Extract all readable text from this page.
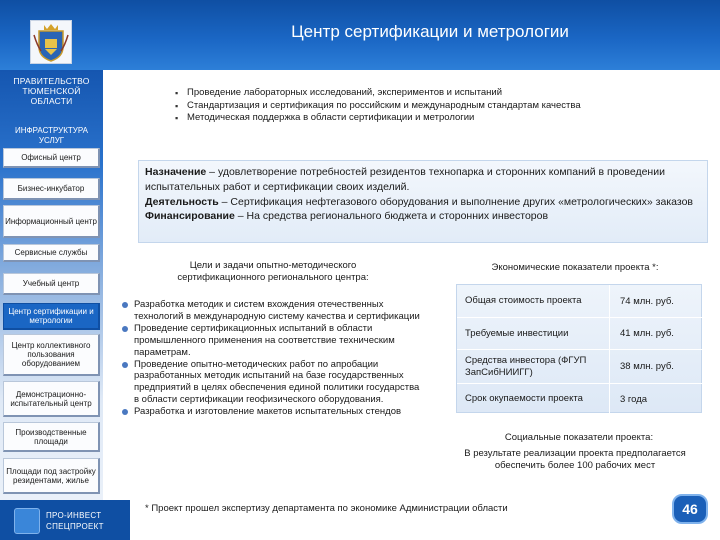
Центр сертификации и метрологии
ПРАВИТЕЛЬСТВО ТЮМЕНСКОЙ ОБЛАСТИ
ИНФРАСТРУКТУРА УСЛУГ
Офисный центр
Бизнес-инкубатор
Информационный центр
Сервисные службы
Учебный центр
Центр сертификации и метрологии
Центр коллективного пользования оборудованием
Демонстрационно-испытательный центр
Производственные площади
Площади под застройку резидентами, жилье
ПРО-ИНВЕСТ
СПЕЦПРОЕКТ
▪ Проведение лабораторных исследований, экспериментов и испытаний
▪ Стандартизация и сертификация по российским и международным стандартам качества
▪ Методическая поддержка в области сертификации и метрологии

Назначение – удовлетворение потребностей резидентов технопарка и сторонних компаний в проведении испытательных работ и сертификации своих изделий.

Деятельность – Сертификация нефтегазового оборудования и выполнение других «метрологических» заказов

Финансирование – На средства регионального бюджета и сторонних инвесторов

Цели и задачи опытно-методического сертификационного регионального центра:
Разработка методик и систем вхождения отечественных технологий в международную систему качества и сертификации
Проведение сертификационных испытаний в области промышленного применения на соответствие техническим параметрам.
Проведение опытно-методических работ по апробации разработанных методик испытаний на базе государственных предприятий в целях обеспечения единой политики государства в области сертификации геофизического оборудования.
Разработка и изготовление макетов испытательных стендов
Экономические показатели проекта *:
Общая стоимость проекта	74 млн. руб.
Требуемые инвестиции	41 млн. руб.
Средства инвестора (ФГУП ЗапСибНИИГГ)	38 млн. руб.
Срок окупаемости проекта	3 года
Социальные показатели проекта:
В результате реализации проекта предполагается обеспечить более 100 рабочих мест
* Проект прошел экспертизу департамента по экономике Администрации области	46
